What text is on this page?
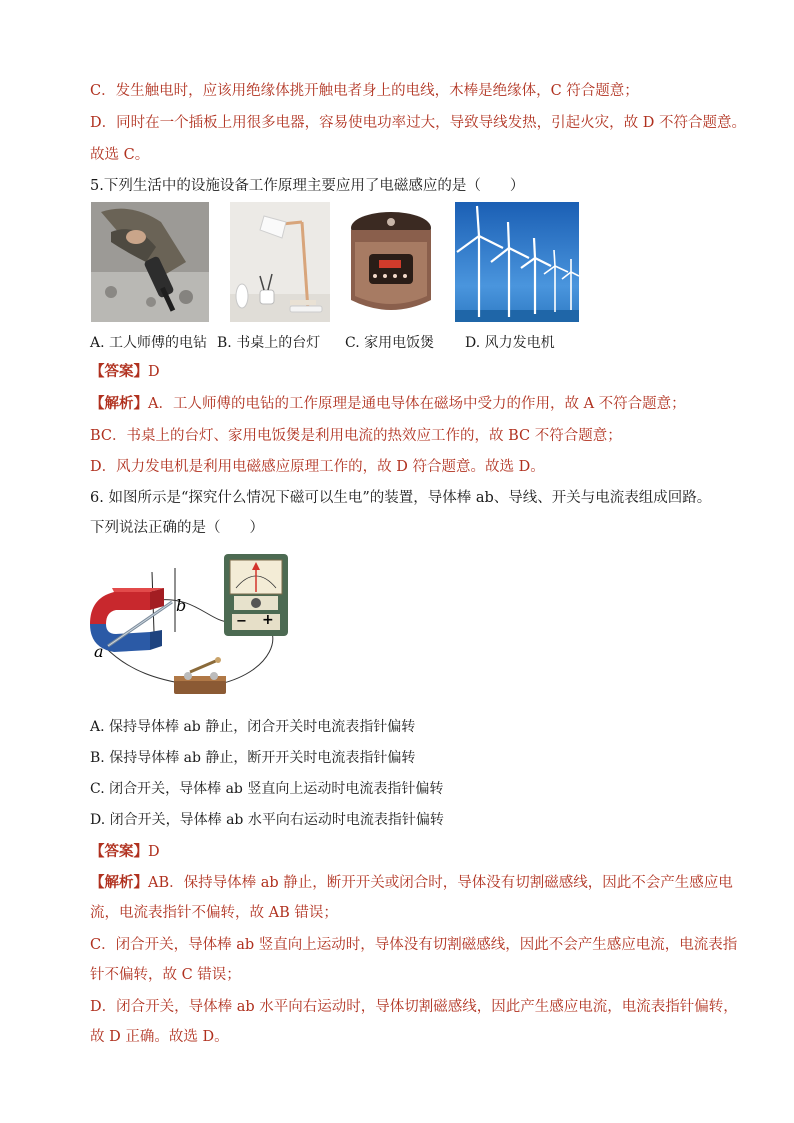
C．发生触电时，应该用绝缘体挑开触电者身上的电线，木棒是绝缘体，C 符合题意；
D．同时在一个插板上用很多电器，容易使电功率过大，导致导线发热，引起火灾，故 D 不符合题意。
故选 C。
5.下列生活中的设施设备工作原理主要应用了电磁感应的是（　　）
A. 工人师傅的电钻 B. 书桌上的台灯 C. 家用电饭煲 D. 风力发电机
【答案】D
【解析】A．工人师傅的电钻的工作原理是通电导体在磁场中受力的作用，故 A 不符合题意；
BC．书桌上的台灯、家用电饭煲是利用电流的热效应工作的，故 BC 不符合题意；
D．风力发电机是利用电磁感应原理工作的，故 D 符合题意。故选 D。
6. 如图所示是“探究什么情况下磁可以生电”的装置，导体棒 ab、导线、开关与电流表组成回路。
下列说法正确的是（　　）
b
a
− +
A. 保持导体棒 ab 静止，闭合开关时电流表指针偏转
B. 保持导体棒 ab 静止，断开开关时电流表指针偏转
C. 闭合开关，导体棒 ab 竖直向上运动时电流表指针偏转
D. 闭合开关，导体棒 ab 水平向右运动时电流表指针偏转
【答案】D
【解析】AB．保持导体棒 ab 静止，断开开关或闭合时，导体没有切割磁感线，因此不会产生感应电
流，电流表指针不偏转，故 AB 错误；
C．闭合开关，导体棒 ab 竖直向上运动时，导体没有切割磁感线，因此不会产生感应电流，电流表指
针不偏转，故 C 错误；
D．闭合开关，导体棒 ab 水平向右运动时，导体切割磁感线，因此产生感应电流，电流表指针偏转，
故 D 正确。故选 D。
